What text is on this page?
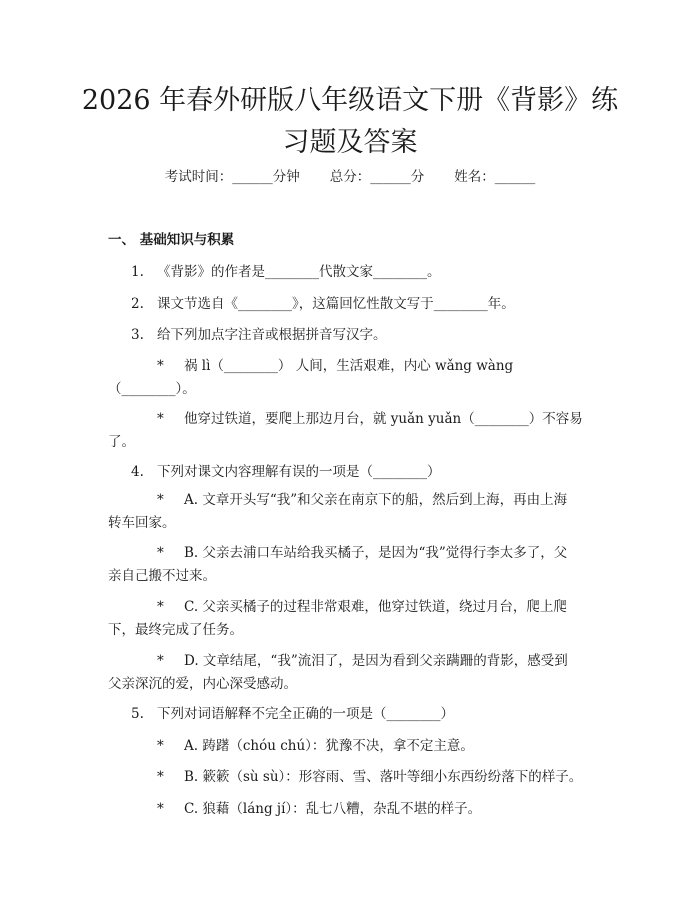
2026 年春外研版八年级语文下册《背影》练习题及答案
考试时间：______分钟 总分：______分 姓名：______
一、 基础知识与积累
1. 《背影》的作者是________代散文家________。
2. 课文节选自《________》，这篇回忆性散文写于________年。
3. 给下列加点字注音或根据拼音写汉字。
* 祸 lì（________） 人间，生活艰难，内心 wǎng wàng
（________）。
* 他穿过铁道，要爬上那边月台，就 yuǎn yuǎn（________）不容易
了。
4. 下列对课文内容理解有误的一项是（________）
* A. 文章开头写“我”和父亲在南京下的船，然后到上海，再由上海
转车回家。
* B. 父亲去浦口车站给我买橘子，是因为“我”觉得行李太多了，父
亲自己搬不过来。
* C. 父亲买橘子的过程非常艰难，他穿过铁道，绕过月台，爬上爬
下，最终完成了任务。
* D. 文章结尾，“我”流泪了，是因为看到父亲蹒跚的背影，感受到
父亲深沉的爱，内心深受感动。
5. 下列对词语解释不完全正确的一项是（________）
* A. 踌躇（chóu chú）：犹豫不决，拿不定主意。
* B. 簌簌（sù sù）：形容雨、雪、落叶等细小东西纷纷落下的样子。
* C. 狼藉（láng jí）：乱七八糟，杂乱不堪的样子。
